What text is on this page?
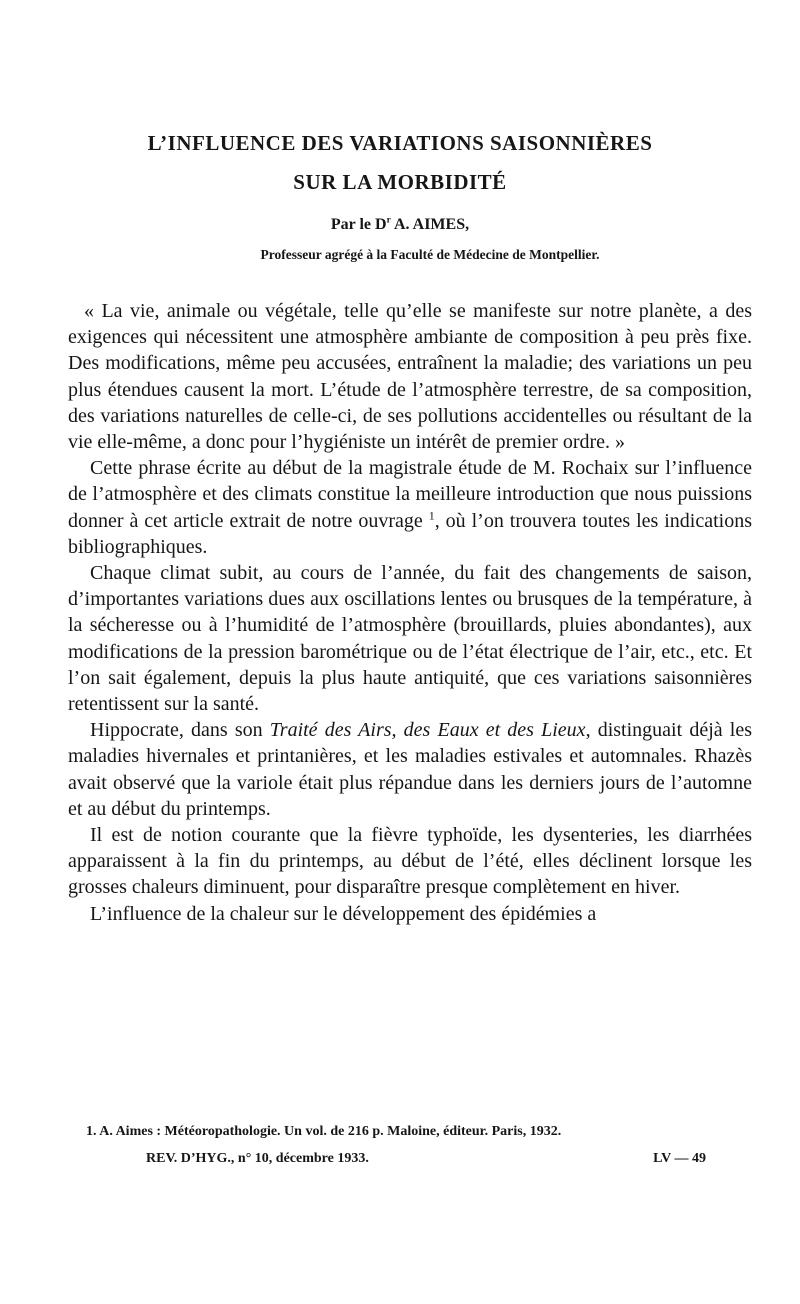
L’INFLUENCE DES VARIATIONS SAISONNIÈRES
SUR LA MORBIDITÉ
Par le $D^r$ A. AIMES,
Professeur agrégé à la Faculté de Médecine de Montpellier.

« La vie, animale ou végétale, telle qu’elle se manifeste sur notre planète, a des exigences qui nécessitent une atmosphère ambiante de composition à peu près fixe. Des modifications, même peu accusées, entraînent la maladie; des variations un peu plus étendues causent la mort. L’étude de l’atmosphère terrestre, de sa composition, des variations naturelles de celle-ci, de ses pollutions accidentelles ou résultant de la vie elle-même, a donc pour l’hygiéniste un intérêt de premier ordre. »

Cette phrase écrite au début de la magistrale étude de M. Rochaix sur l’influence de l’atmosphère et des climats constitue la meilleure introduction que nous puissions donner à cet article extrait de notre ouvrage $^1$, où l’on trouvera toutes les indications bibliographiques.

Chaque climat subit, au cours de l’année, du fait des changements de saison, d’importantes variations dues aux oscillations lentes ou brusques de la température, à la sécheresse ou à l’humidité de l’atmosphère (brouillards, pluies abondantes), aux modifications de la pression barométrique ou de l’état électrique de l’air, etc., etc. Et l’on sait également, depuis la plus haute antiquité, que ces variations saisonnières retentissent sur la santé.

Hippocrate, dans son Traité des Airs, des Eaux et des Lieux, distinguait déjà les maladies hivernales et printanières, et les maladies estivales et automnales. Rhazès avait observé que la variole était plus répandue dans les derniers jours de l’automne et au début du printemps.

Il est de notion courante que la fièvre typhoïde, les dysenteries, les diarrhées apparaissent à la fin du printemps, au début de l’été, elles déclinent lorsque les grosses chaleurs diminuent, pour disparaître presque complètement en hiver.

L’influence de la chaleur sur le développement des épidémies a

1. A. Aimes : Météoropathologie. Un vol. de 216 p. Maloine, éditeur. Paris, 1932.
REV. D’HYG., n° 10, décembre 1933.	LV — 49
